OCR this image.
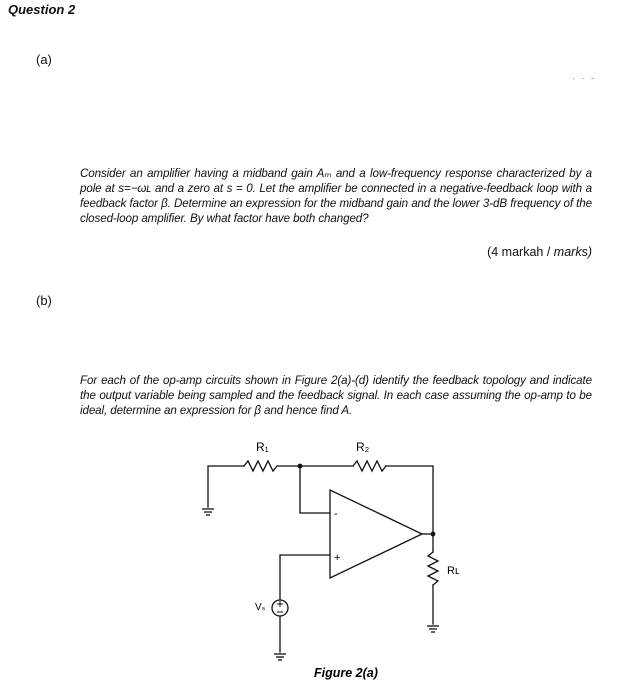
Question 2
(a)
· · -
Consider an amplifier having a midband gain Aₘ and a low-frequency response characterized by a pole at s=−ωʟ and a zero at s = 0. Let the amplifier be connected in a negative-feedback loop with a feedback factor β. Determine an expression for the midband gain and the lower 3-dB frequency of the closed-loop amplifier. By what factor have both changed?
(4 markah / marks)
(b)
For each of the op-amp circuits shown in Figure 2(a)-(d) identify the feedback topology and indicate the output variable being sampled and the feedback signal. In each case assuming the op-amp to be ideal, determine an expression for β and hence find A.
R₁	R₂
Rʟ
Vₛ
-
+
Figure 2(a)
